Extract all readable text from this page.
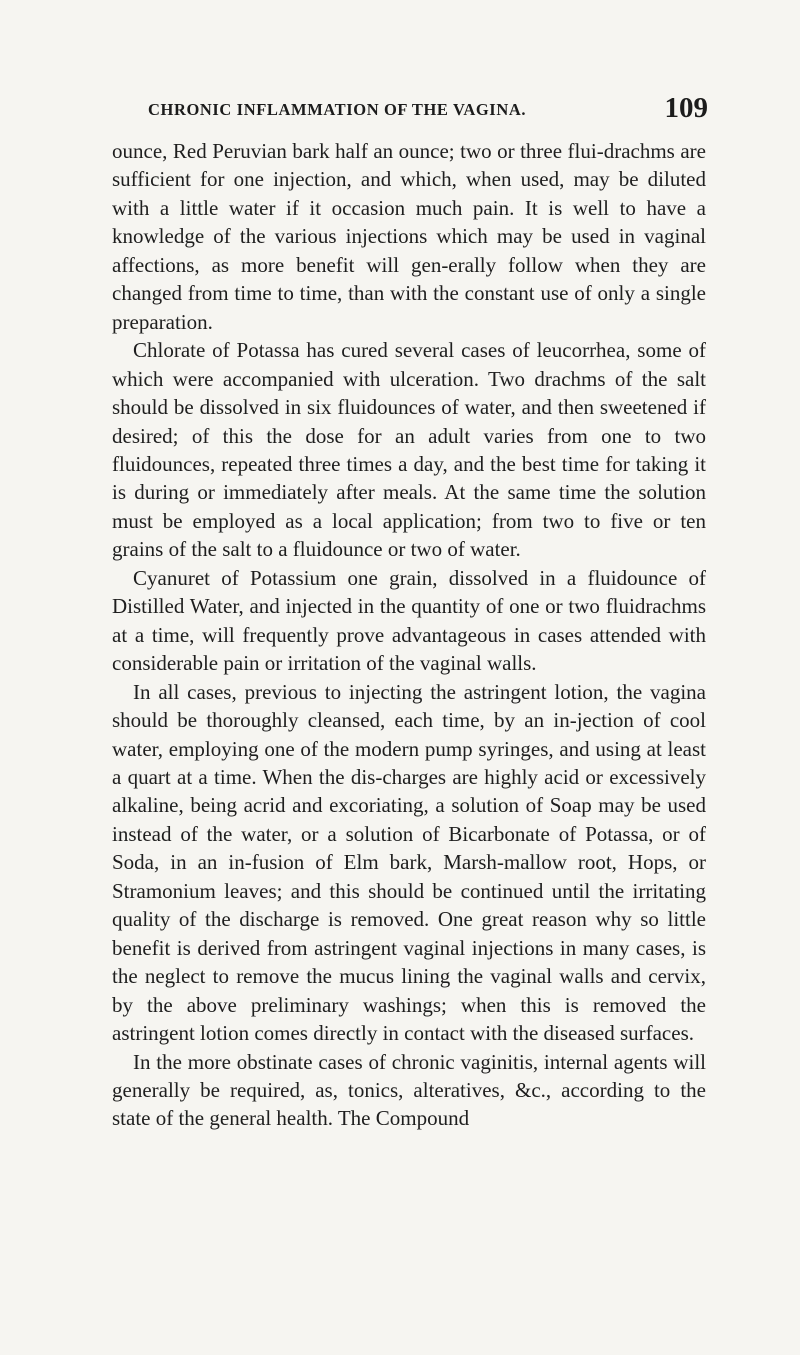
CHRONIC INFLAMMATION OF THE VAGINA.	109

ounce, Red Peruvian bark half an ounce; two or three flui-drachms are sufficient for one injection, and which, when used, may be diluted with a little water if it occasion much pain. It is well to have a knowledge of the various injections which may be used in vaginal affections, as more benefit will gen-erally follow when they are changed from time to time, than with the constant use of only a single preparation.

Chlorate of Potassa has cured several cases of leucorrhea, some of which were accompanied with ulceration. Two drachms of the salt should be dissolved in six fluidounces of water, and then sweetened if desired; of this the dose for an adult varies from one to two fluidounces, repeated three times a day, and the best time for taking it is during or immediately after meals. At the same time the solution must be employed as a local application; from two to five or ten grains of the salt to a fluidounce or two of water.

Cyanuret of Potassium one grain, dissolved in a fluidounce of Distilled Water, and injected in the quantity of one or two fluidrachms at a time, will frequently prove advantageous in cases attended with considerable pain or irritation of the vaginal walls.

In all cases, previous to injecting the astringent lotion, the vagina should be thoroughly cleansed, each time, by an in-jection of cool water, employing one of the modern pump syringes, and using at least a quart at a time. When the dis-charges are highly acid or excessively alkaline, being acrid and excoriating, a solution of Soap may be used instead of the water, or a solution of Bicarbonate of Potassa, or of Soda, in an in-fusion of Elm bark, Marsh-mallow root, Hops, or Stramonium leaves; and this should be continued until the irritating quality of the discharge is removed. One great reason why so little benefit is derived from astringent vaginal injections in many cases, is the neglect to remove the mucus lining the vaginal walls and cervix, by the above preliminary washings; when this is removed the astringent lotion comes directly in contact with the diseased surfaces.

In the more obstinate cases of chronic vaginitis, internal agents will generally be required, as, tonics, alteratives, &c., according to the state of the general health. The Compound
